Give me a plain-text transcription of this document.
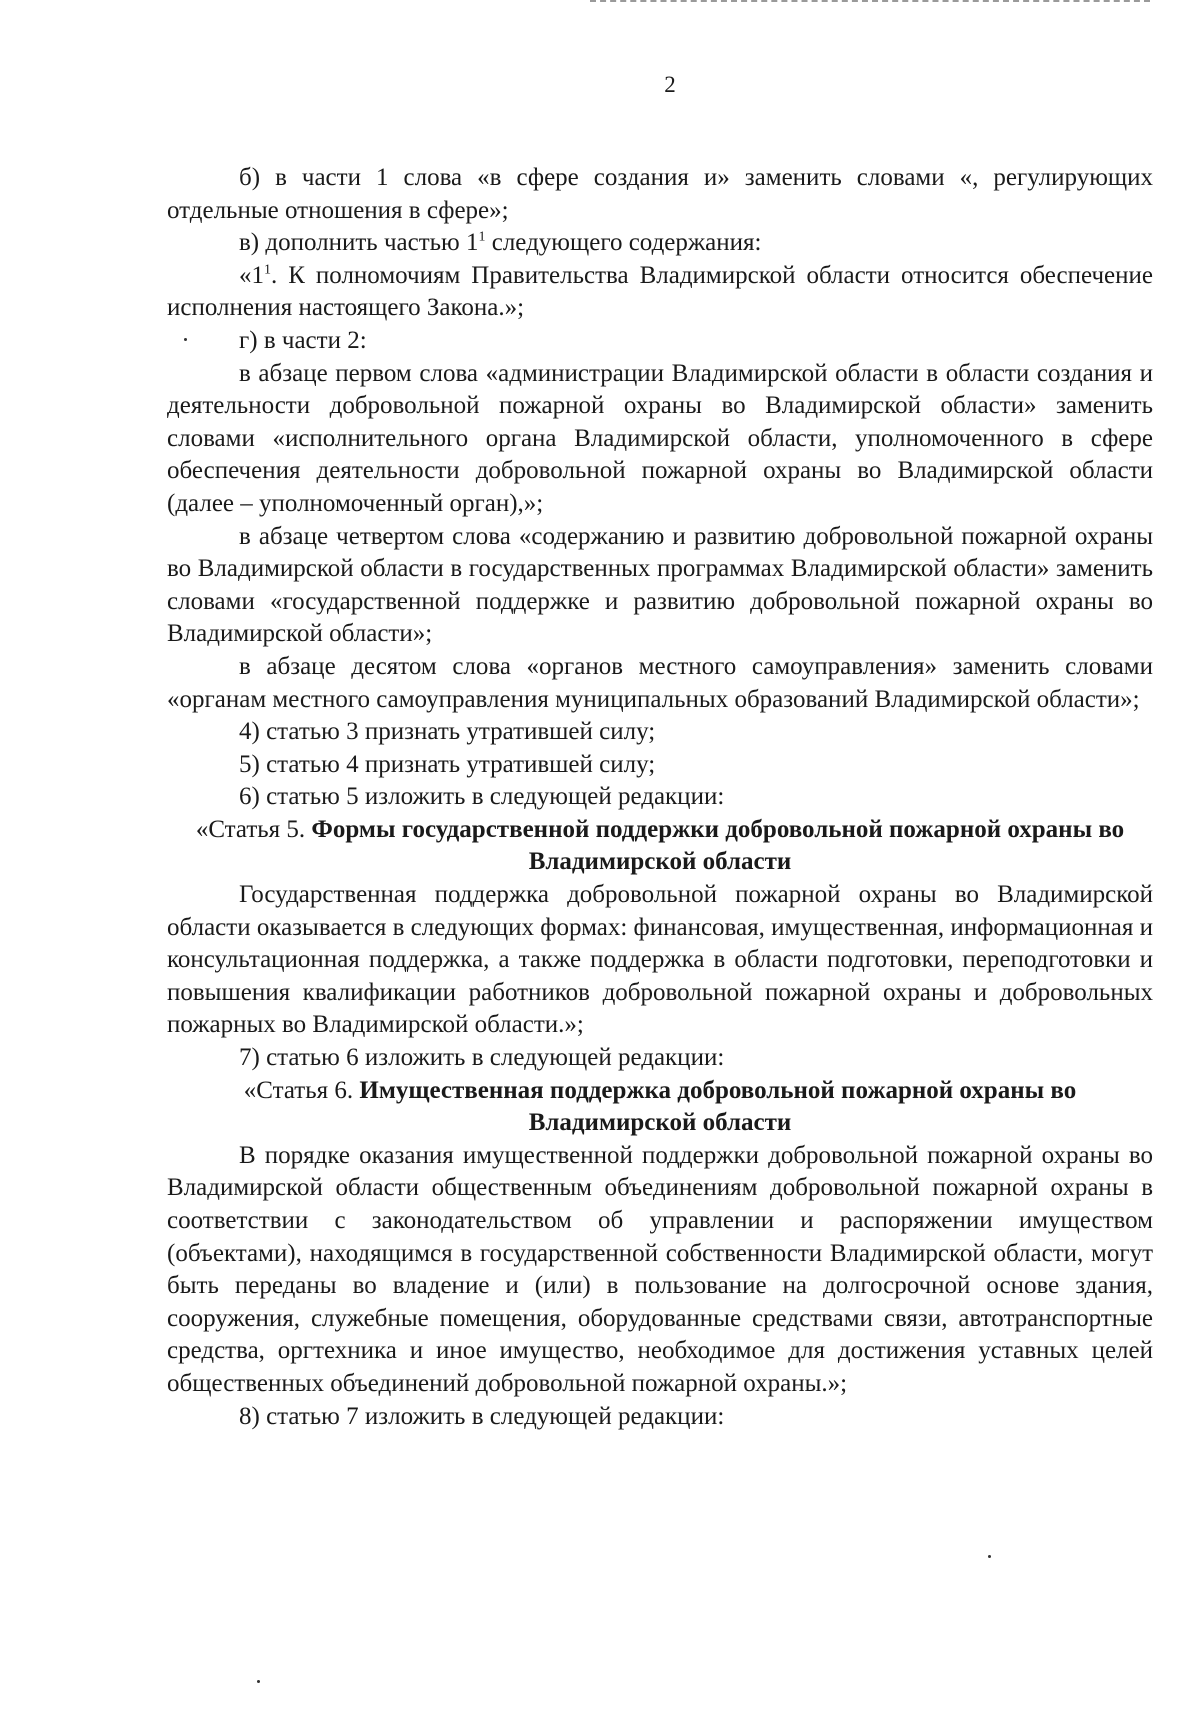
2

б) в части 1 слова «в сфере создания и» заменить словами «, регулирующих отдельные отношения в сфере»;

в) дополнить частью $1^1$ следующего содержания:

«$1^1$. К полномочиям Правительства Владимирской области относится обеспечение исполнения настоящего Закона.»;

г) в части 2:

в абзаце первом слова «администрации Владимирской области в области создания и деятельности добровольной пожарной охраны во Владимирской области» заменить словами «исполнительного органа Владимирской области, уполномоченного в сфере обеспечения деятельности добровольной пожарной охраны во Владимирской области (далее – уполномоченный орган),»;

в абзаце четвертом слова «содержанию и развитию добровольной пожарной охраны во Владимирской области в государственных программах Владимирской области» заменить словами «государственной поддержке и развитию добровольной пожарной охраны во Владимирской области»;

в абзаце десятом слова «органов местного самоуправления» заменить словами «органам местного самоуправления муниципальных образований Владимирской области»;

4) статью 3 признать утратившей силу;

5) статью 4 признать утратившей силу;

6) статью 5 изложить в следующей редакции:

«Статья 5. Формы государственной поддержки добровольной пожарной охраны во Владимирской области

Государственная поддержка добровольной пожарной охраны во Владимирской области оказывается в следующих формах: финансовая, имущественная, информационная и консультационная поддержка, а также поддержка в области подготовки, переподготовки и повышения квалификации работников добровольной пожарной охраны и добровольных пожарных во Владимирской области.»;

7) статью 6 изложить в следующей редакции:

«Статья 6. Имущественная поддержка добровольной пожарной охраны во Владимирской области

В порядке оказания имущественной поддержки добровольной пожарной охраны во Владимирской области общественным объединениям добровольной пожарной охраны в соответствии с законодательством об управлении и распоряжении имуществом (объектами), находящимся в государственной собственности Владимирской области, могут быть переданы во владение и (или) в пользование на долгосрочной основе здания, сооружения, служебные помещения, оборудованные средствами связи, автотранспортные средства, оргтехника и иное имущество, необходимое для достижения уставных целей общественных объединений добровольной пожарной охраны.»;

8) статью 7 изложить в следующей редакции:
